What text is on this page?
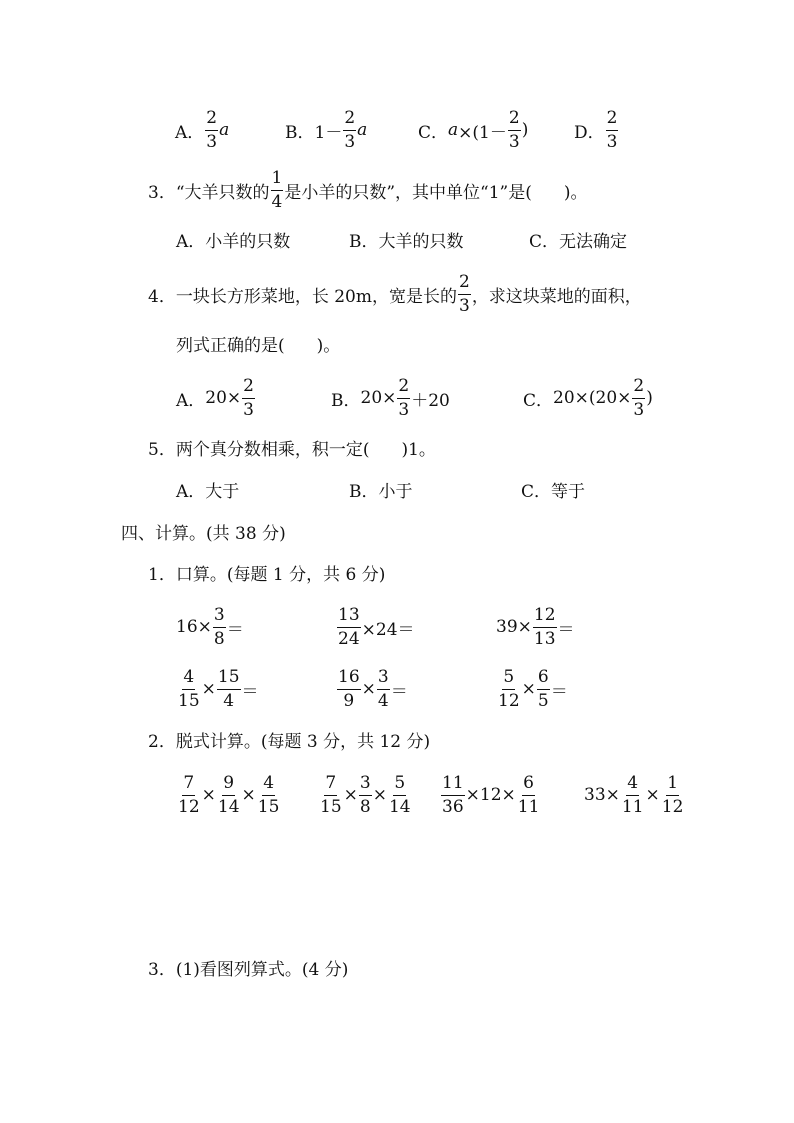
A． $\frac{2}{3}$ a	B． $1- \frac{2}{3}$ a	C． $a \times(1- \frac{2}{3}$ )	D． $\frac{2}{3}$
3． “大羊只数的 $\frac{1}{4}$ 是小羊的只数”，其中单位“1”是( )。
A．小羊的只数	B．大羊的只数	C．无法确定
4． 一块长方形菜地，长 20m，宽是长的 $\frac{2}{3}$ ，求这块菜地的面积，
列式正确的是( )。
A． $20\times \frac{2}{3}$	B． $20\times \frac{2}{3} +20$	C． $20\times(20\times \frac{2}{3}$ )
5．两个真分数相乘，积一定( )1。
A．大于	B．小于	C．等于
四、计算。(共 38 分)
1．口算。(每题 1 分，共 6 分)
$16\times \frac{3}{8}$ ＝	$\frac{13}{24} \times 24=$	$39\times \frac{12}{13}$ ＝
$\frac{4}{15} \times \frac{15}{4}$ ＝	$\frac{16}{9} \times \frac{3}{4}$ ＝	$\frac{5}{12} \times \frac{6}{5}$ ＝
2．脱式计算。(每题 3 分，共 12 分)
$\frac{7}{12} \times \frac{9}{14} \times \frac{4}{15} \frac{7}{15} \times \frac{3}{8} \times \frac{5}{14} \frac{11}{36} \times 12\times \frac{6}{11}$	$33\times \frac{4}{11} \times \frac{1}{12}$
3．(1)看图列算式。(4 分)
